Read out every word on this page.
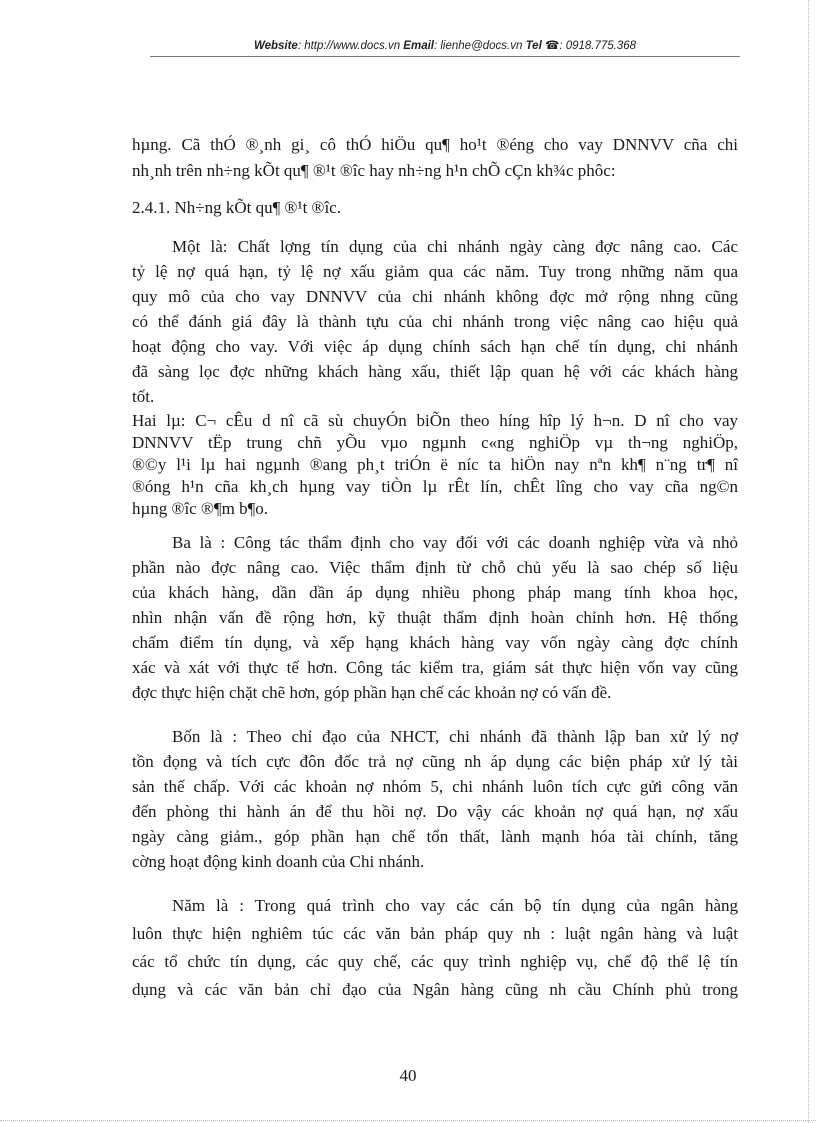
Website: http://www.docs.vn Email: lienhe@docs.vn Tel ☎: 0918.775.368
hµng. Cã thÓ ®¸nh gi¸ cô thÓ hiÖu qu¶ ho¹t ®éng cho vay DNNVV cña chi
nh¸nh trên nh÷ng kÕt qu¶ ®¹t ®îc hay nh÷ng h¹n chÕ cÇn kh¾c phôc:
2.4.1. Nh÷ng kÕt qu¶ ®¹t ®îc.
Một là: Chất lợng tín dụng của chi nhánh ngày càng đợc nâng cao. Các
tỷ lệ nợ quá hạn, tỷ lệ nợ xấu giảm qua các năm. Tuy trong những năm qua
quy mô của cho vay DNNVV của chi nhánh không đợc mở rộng nhng cũng
có thể đánh giá đây là thành tựu của chi nhánh trong việc nâng cao hiệu quả
hoạt động cho vay. Với việc áp dụng chính sách hạn chế tín dụng, chi nhánh
đã sàng lọc đợc những khách hàng xấu, thiết lập quan hệ với các khách hàng
tốt.
Hai lµ: C¬ cÊu d nî cã sù chuyÓn biÕn theo híng hîp lý h¬n. D nî cho vay
DNNVV tËp trung chñ yÕu vµo ngµnh c«ng nghiÖp vµ th¬ng nghiÖp,
®©y l¹i lµ hai ngµnh ®ang ph¸t triÓn ë níc ta hiÖn nay nªn kh¶ n¨ng tr¶ nî
®óng h¹n cña kh¸ch hµng vay tiÒn lµ rÊt lín, chÊt lîng cho vay cña ng©n
hµng ®îc ®¶m b¶o.
Ba là : Công tác thẩm định cho vay đối với các doanh nghiệp vừa và nhỏ
phần nào đợc nâng cao. Việc thẩm định từ chỗ chủ yếu là sao chép số liệu
của khách hàng, dần dần áp dụng nhiều phong pháp mang tính khoa học,
nhìn nhận vấn đề rộng hơn, kỹ thuật thẩm định hoàn chỉnh hơn. Hệ thống
chấm điểm tín dụng, và xếp hạng khách hàng vay vốn ngày càng đợc chính
xác và xát với thực tế hơn. Công tác kiểm tra, giám sát thực hiện vốn vay cũng
đợc thực hiện chặt chẽ hơn, góp phần hạn chế các khoản nợ có vấn đề.
Bốn là : Theo chỉ đạo của NHCT, chi nhánh đã thành lập ban xử lý nợ
tồn đọng và tích cực đôn đốc trả nợ cũng nh áp dụng các biện pháp xử lý tài
sản thế chấp. Với các khoản nợ nhóm 5, chi nhánh luôn tích cực gửi công văn
đến phòng thi hành án để thu hồi nợ. Do vậy các khoản nợ quá hạn, nợ xấu
ngày càng giảm., góp phần hạn chế tổn thất, lành mạnh hóa tài chính, tăng
cờng hoạt động kinh doanh của Chi nhánh.
Năm là : Trong quá trình cho vay các cán bộ tín dụng của ngân hàng
luôn thực hiện nghiêm túc các văn bản pháp quy nh : luật ngân hàng và luật
các tổ chức tín dụng, các quy chế, các quy trình nghiệp vụ, chế độ thể lệ tín
dụng và các văn bản chỉ đạo của Ngân hàng cũng nh cầu Chính phủ trong
40
